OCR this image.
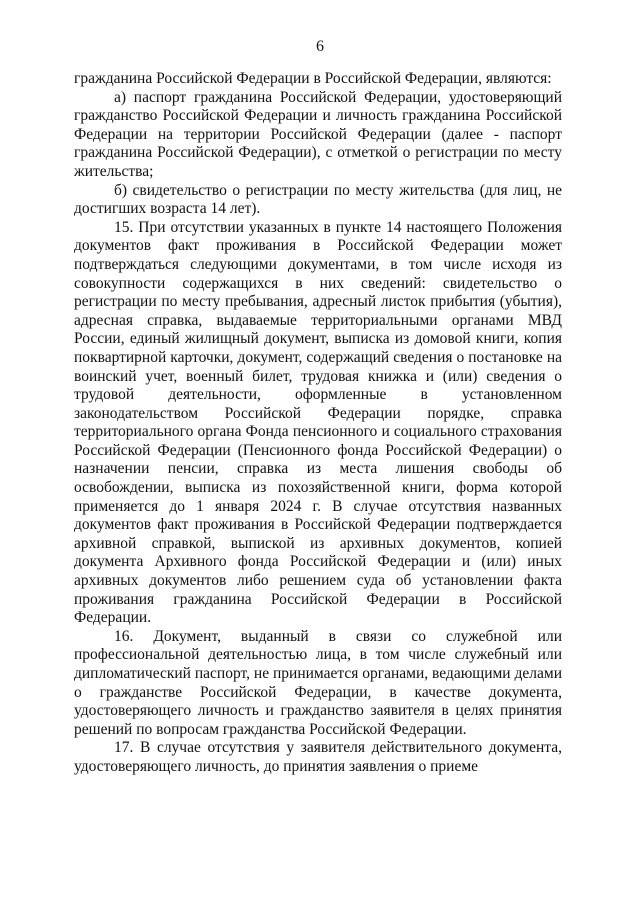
6

гражданина Российской Федерации в Российской Федерации, являются:

а) паспорт гражданина Российской Федерации, удостоверяющий гражданство Российской Федерации и личность гражданина Российской Федерации на территории Российской Федерации (далее - паспорт гражданина Российской Федерации), с отметкой о регистрации по месту жительства;

б) свидетельство о регистрации по месту жительства (для лиц, не достигших возраста 14 лет).

15. При отсутствии указанных в пункте 14 настоящего Положения документов факт проживания в Российской Федерации может подтверждаться следующими документами, в том числе исходя из совокупности содержащихся в них сведений: свидетельство о регистрации по месту пребывания, адресный листок прибытия (убытия), адресная справка, выдаваемые территориальными органами МВД России, единый жилищный документ, выписка из домовой книги, копия поквартирной карточки, документ, содержащий сведения о постановке на воинский учет, военный билет, трудовая книжка и (или) сведения о трудовой деятельности, оформленные в установленном законодательством Российской Федерации порядке, справка территориального органа Фонда пенсионного и социального страхования Российской Федерации (Пенсионного фонда Российской Федерации) о назначении пенсии, справка из места лишения свободы об освобождении, выписка из похозяйственной книги, форма которой применяется до 1 января 2024 г. В случае отсутствия названных документов факт проживания в Российской Федерации подтверждается архивной справкой, выпиской из архивных документов, копией документа Архивного фонда Российской Федерации и (или) иных архивных документов либо решением суда об установлении факта проживания гражданина Российской Федерации в Российской Федерации.

16. Документ, выданный в связи со служебной или профессиональной деятельностью лица, в том числе служебный или дипломатический паспорт, не принимается органами, ведающими делами о гражданстве Российской Федерации, в качестве документа, удостоверяющего личность и гражданство заявителя в целях принятия решений по вопросам гражданства Российской Федерации.

17. В случае отсутствия у заявителя действительного документа, удостоверяющего личность, до принятия заявления о приеме
